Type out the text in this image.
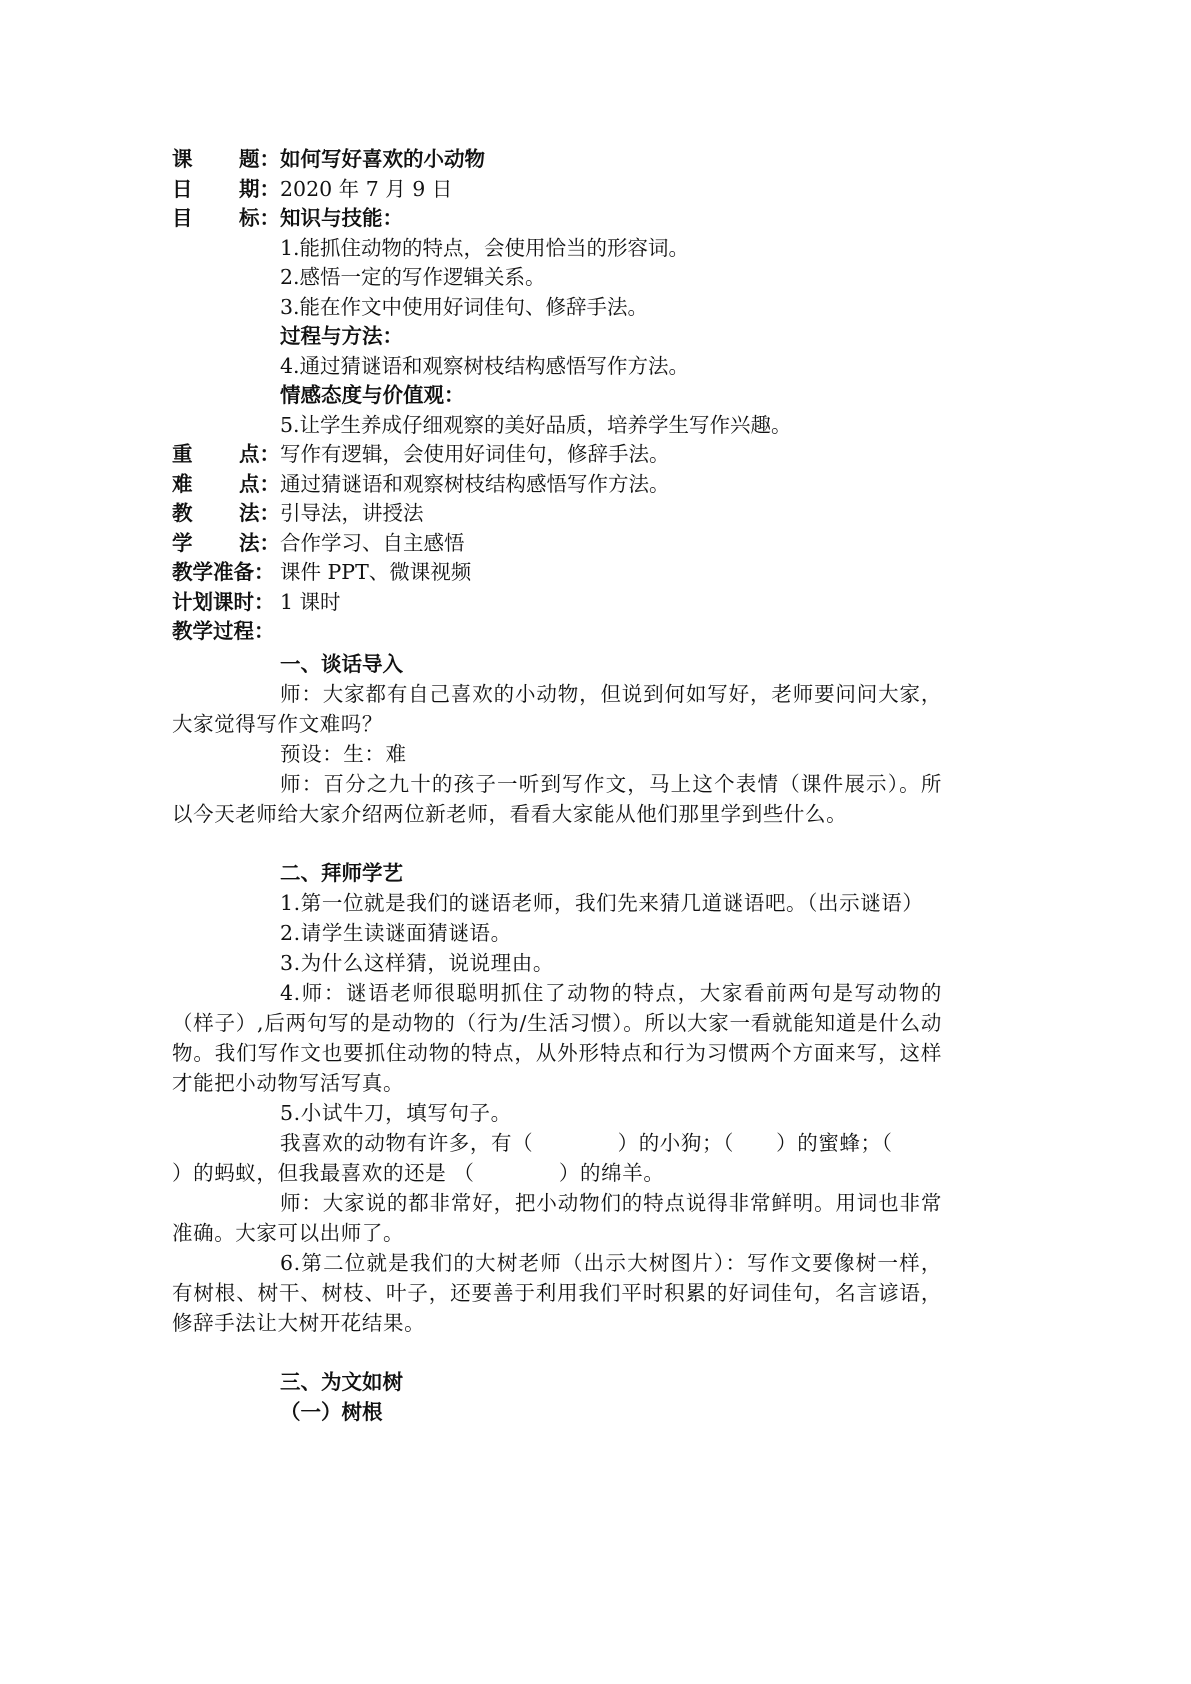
课 题： 如何写好喜欢的小动物
日 期： 2020 年 7 月 9 日
目 标： 知识与技能：
1.能抓住动物的特点，会使用恰当的形容词。
2.感悟一定的写作逻辑关系。
3.能在作文中使用好词佳句、修辞手法。
过程与方法：
4.通过猜谜语和观察树枝结构感悟写作方法。
情感态度与价值观：
5.让学生养成仔细观察的美好品质，培养学生写作兴趣。
重 点： 写作有逻辑，会使用好词佳句，修辞手法。
难 点： 通过猜谜语和观察树枝结构感悟写作方法。
教 法： 引导法，讲授法
学 法： 合作学习、自主感悟
教学准备： 课件 PPT、微课视频
计划课时： 1 课时
教学过程：
一、谈话导入
师：大家都有自己喜欢的小动物，但说到何如写好，老师要问问大家，大家觉得写作文难吗？
预设：生：难
师：百分之九十的孩子一听到写作文，马上这个表情（课件展示）。所以今天老师给大家介绍两位新老师，看看大家能从他们那里学到些什么。
二、拜师学艺
1.第一位就是我们的谜语老师，我们先来猜几道谜语吧。（出示谜语）
2.请学生读谜面猜谜语。
3.为什么这样猜，说说理由。
4.师：谜语老师很聪明抓住了动物的特点，大家看前两句是写动物的（样子）,后两句写的是动物的（行为/生活习惯）。所以大家一看就能知道是什么动物。我们写作文也要抓住动物的特点，从外形特点和行为习惯两个方面来写，这样才能把小动物写活写真。
5.小试牛刀，填写句子。
我喜欢的动物有许多，有（　　　　）的小狗；（　　）的蜜蜂；（
）的蚂蚁，但我最喜欢的还是 （　　　　）的绵羊。
师：大家说的都非常好，把小动物们的特点说得非常鲜明。用词也非常准确。大家可以出师了。
6.第二位就是我们的大树老师（出示大树图片）：写作文要像树一样，有树根、树干、树枝、叶子，还要善于利用我们平时积累的好词佳句，名言谚语，修辞手法让大树开花结果。
三、为文如树
（一）树根
